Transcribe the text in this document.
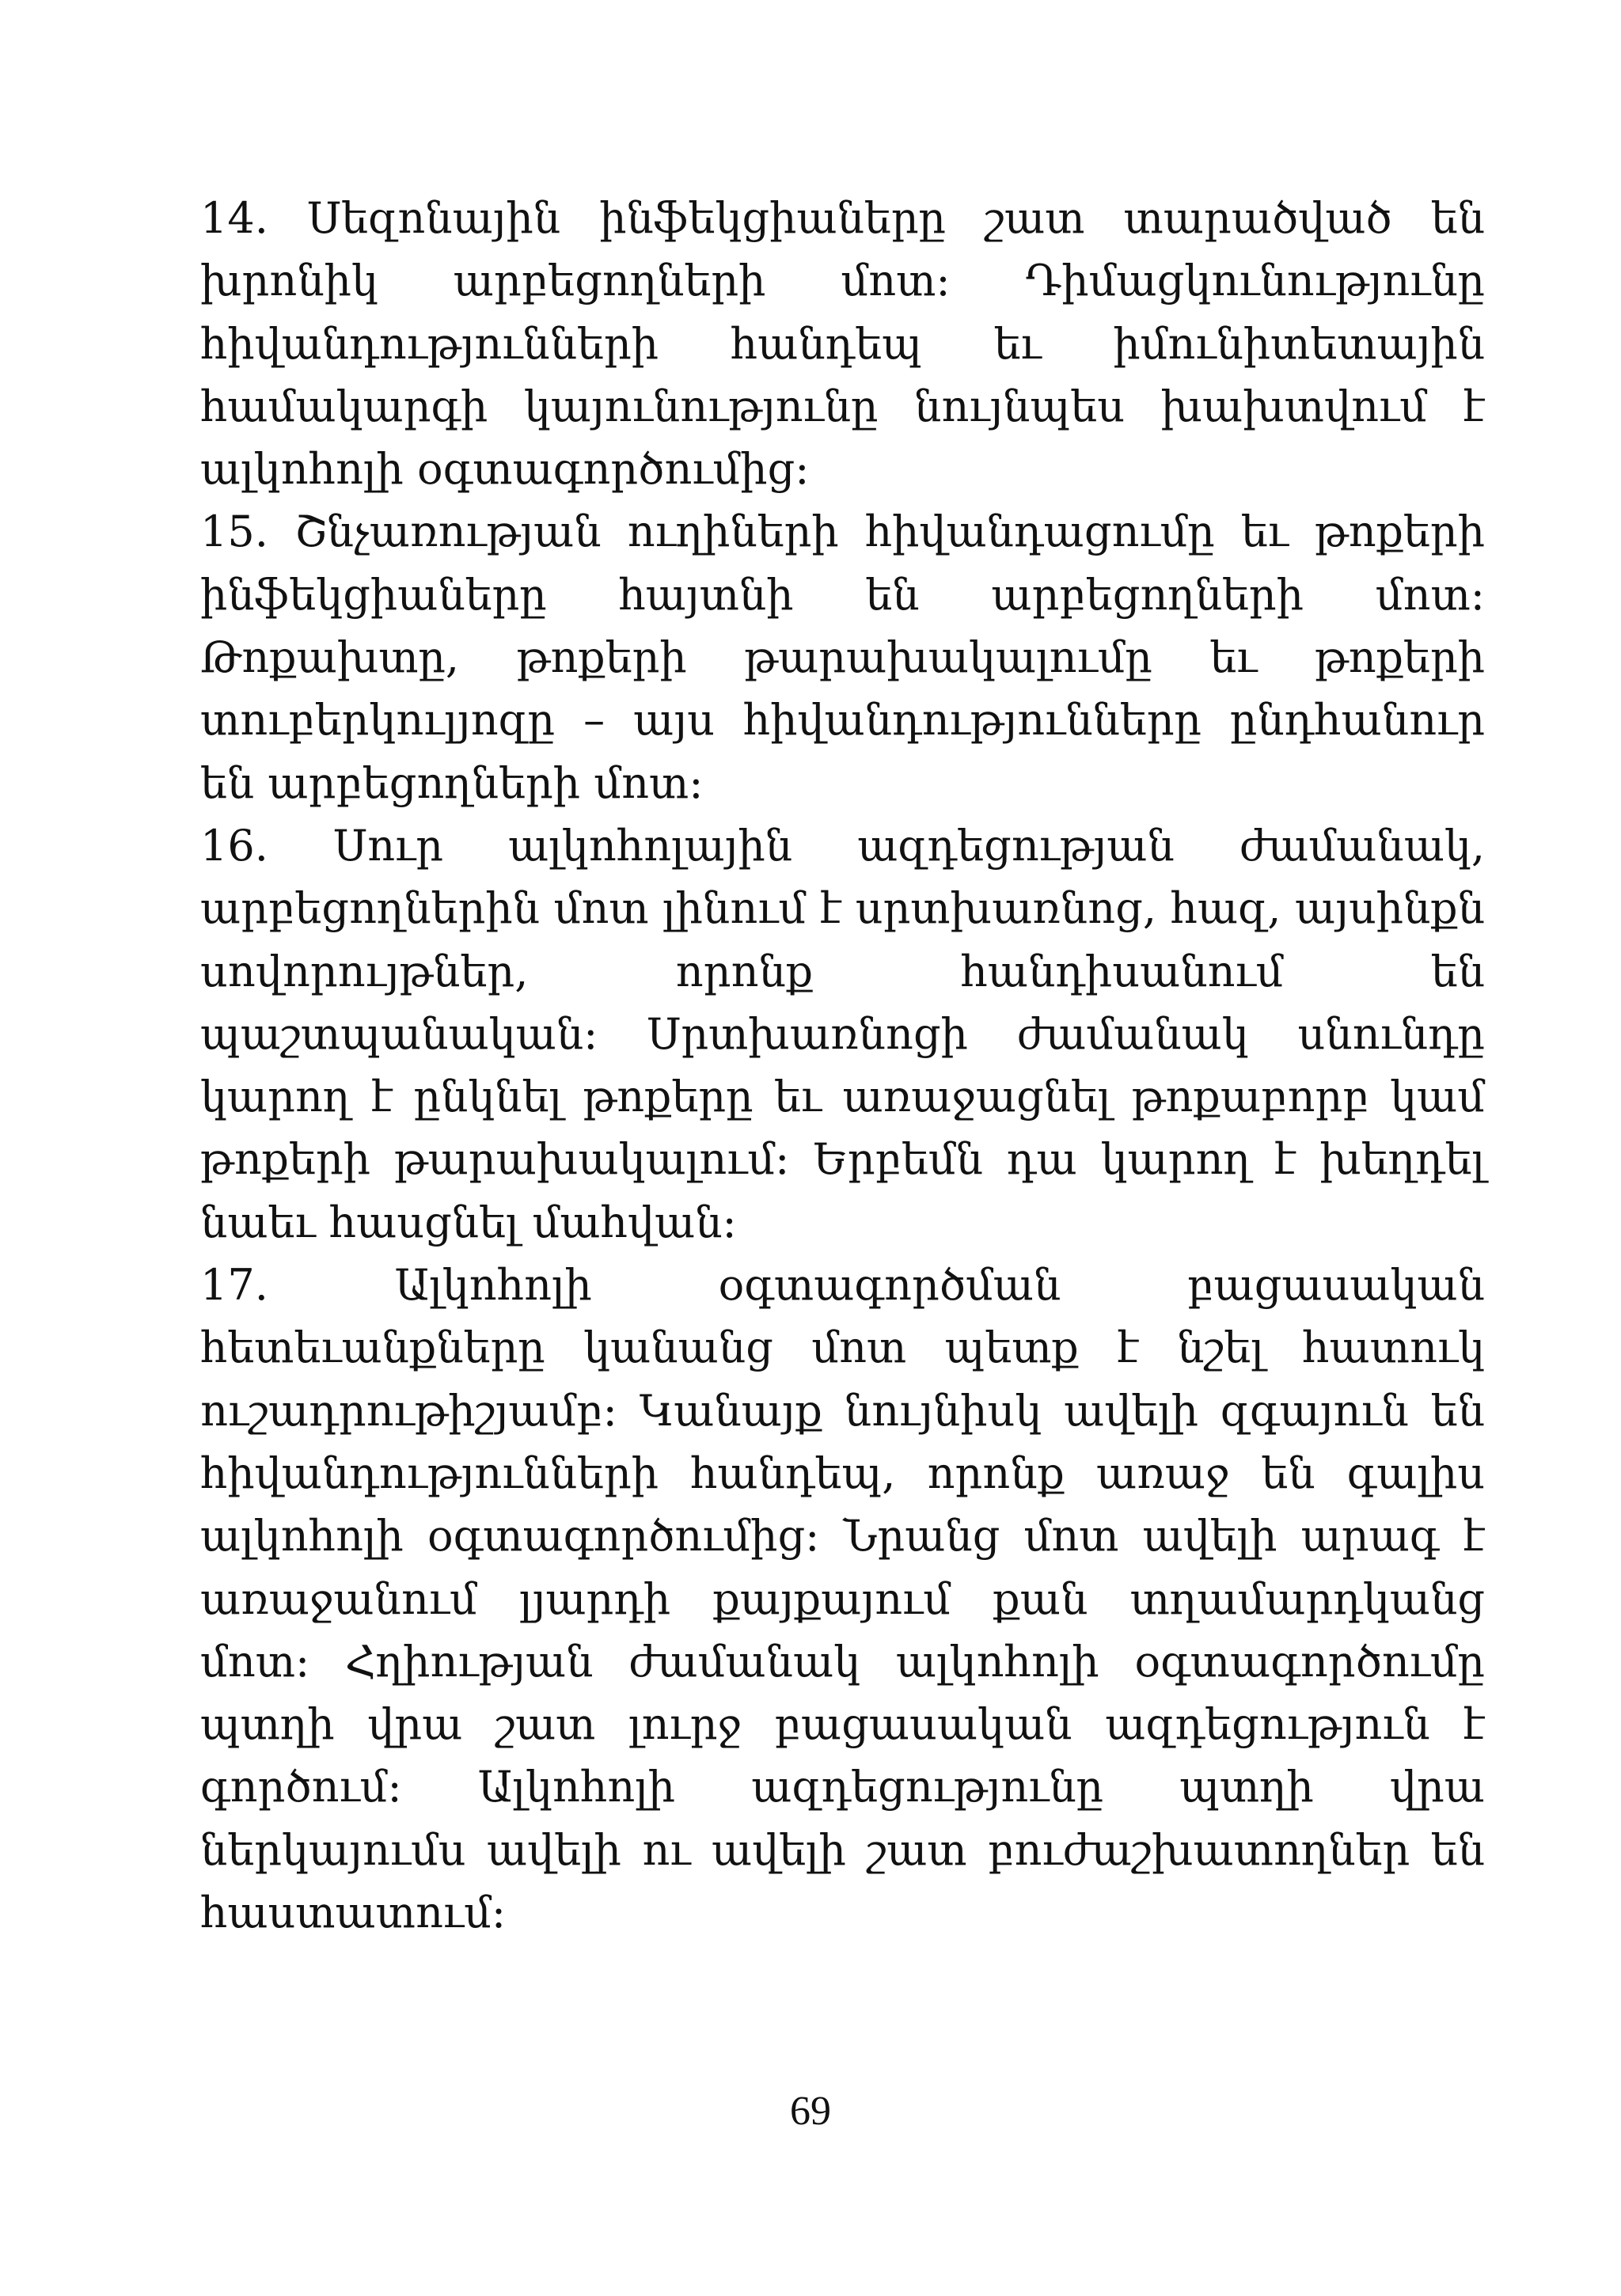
14. Սեզոնային ինֆեկցիաները շատ տարածված են խրոնիկ արբեցողների մոտ: Դիմացկունությունը հիվանդությունների հանդեպ եւ իմունիտետային համակարգի կայունությունը նույնպես խախտվում է ալկոհոլի օգտագործումից:

15. Շնչառության ուղիների հիվանդացումը եւ թոքերի ինֆեկցիաները հայտնի են արբեցողների մոտ: Թոքախտը, թոքերի թարախակալումը եւ թոքերի տուբերկուլյոզը – այս հիվանդությունները ընդհանուր են արբեցողների մոտ:

16. Սուր ալկոհոլային ազդեցության ժամանակ, արբեցողներին մոտ լինում է սրտխառնոց, հազ, այսինքն սովորույթներ, որոնք հանդիսանում են պաշտպանական: Սրտխառնոցի ժամանակ սնունդը կարող է ընկնել թոքերը եւ առաջացնել թոքաբորբ կամ թոքերի թարախակալում: Երբեմն դա կարող է խեղդել նաեւ հասցնել մահվան:

17. Ալկոհոլի օգտագործման բացասական հետեւանքները կանանց մոտ պետք է նշել հատուկ ուշադրութիշյամբ: Կանայք նույնիսկ ավելի զգայուն են հիվանդությունների հանդեպ, որոնք առաջ են գալիս ալկոհոլի օգտագործումից: Նրանց մոտ ավելի արագ է առաջանում լյարդի քայքայում քան տղամարդկանց մոտ: Հղիության ժամանակ ալկոհոլի օգտագործումը պտղի վրա շատ լուրջ բացասական ազդեցություն է գործում: Ալկոհոլի ազդեցությունը պտղի վրա ներկայումս ավելի ու ավելի շատ բուժաշխատողներ են հաստատում:

69
